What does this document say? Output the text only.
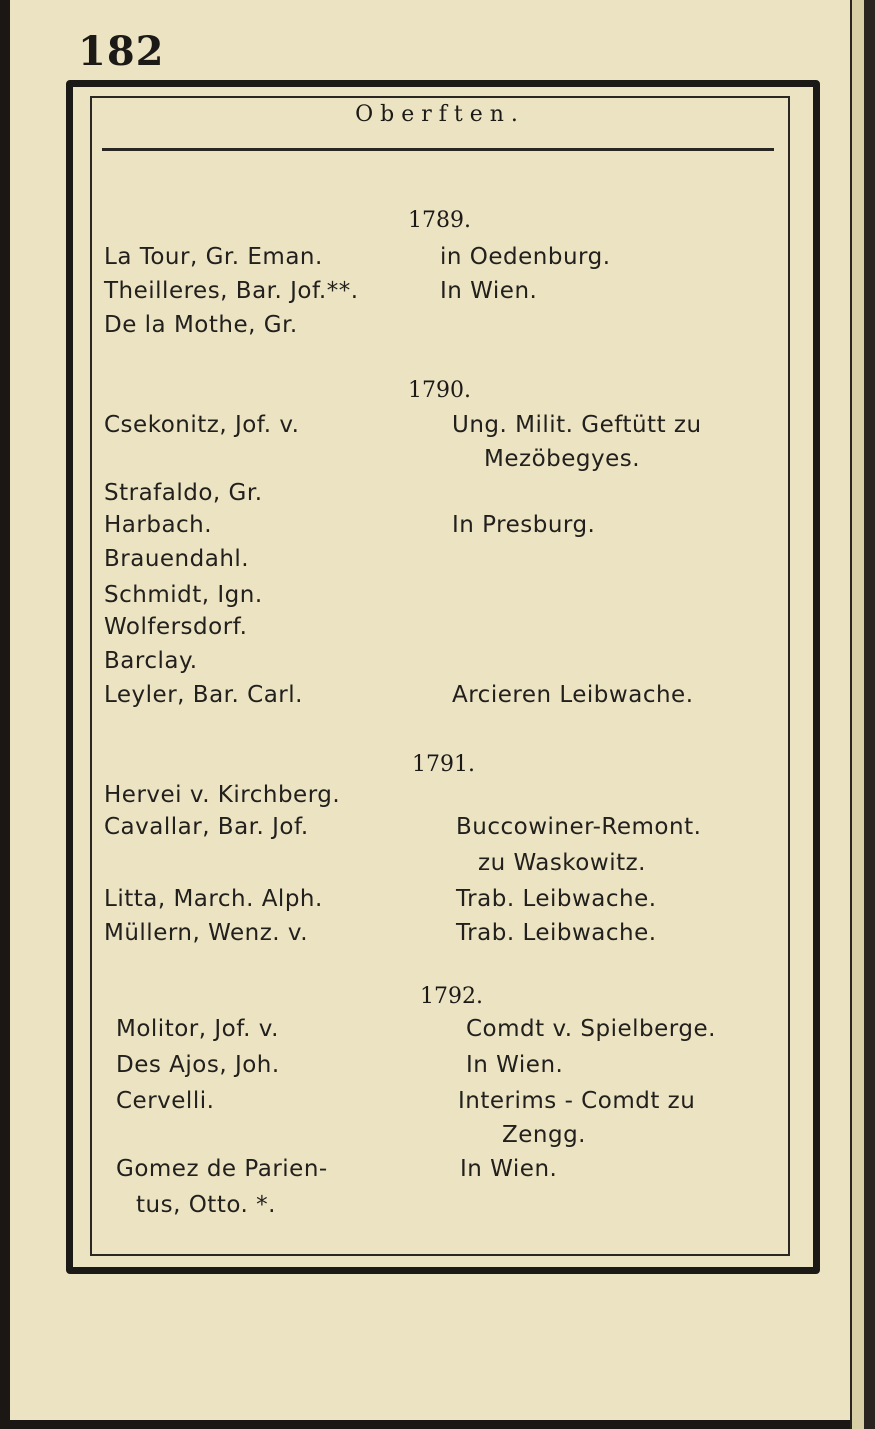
182
Oberften.
1789.
La Tour, Gr. Eman.	in Oedenburg.
Theilleres, Bar. Jof.**.	In Wien.
De la Mothe, Gr.
1790.
Csekonitz, Jof. v.	Ung. Milit. Geftütt zu
Mezöbegyes.
Strafaldo, Gr.
Harbach.	In Presburg.
Brauendahl.
Schmidt, Ign.
Wolfersdorf.
Barclay.
Leyler, Bar. Carl.	Arcieren Leibwache.
1791.
Hervei v. Kirchberg.
Cavallar, Bar. Jof.	Buccowiner-Remont.
zu Waskowitz.
Litta, March. Alph.	Trab. Leibwache.
Müllern, Wenz. v.	Trab. Leibwache.
1792.
Molitor, Jof. v.	Comdt v. Spielberge.
Des Ajos, Joh.	In Wien.
Cervelli.	Interims - Comdt zu
Zengg.
Gomez de Parien-	In Wien.
tus, Otto. *.
